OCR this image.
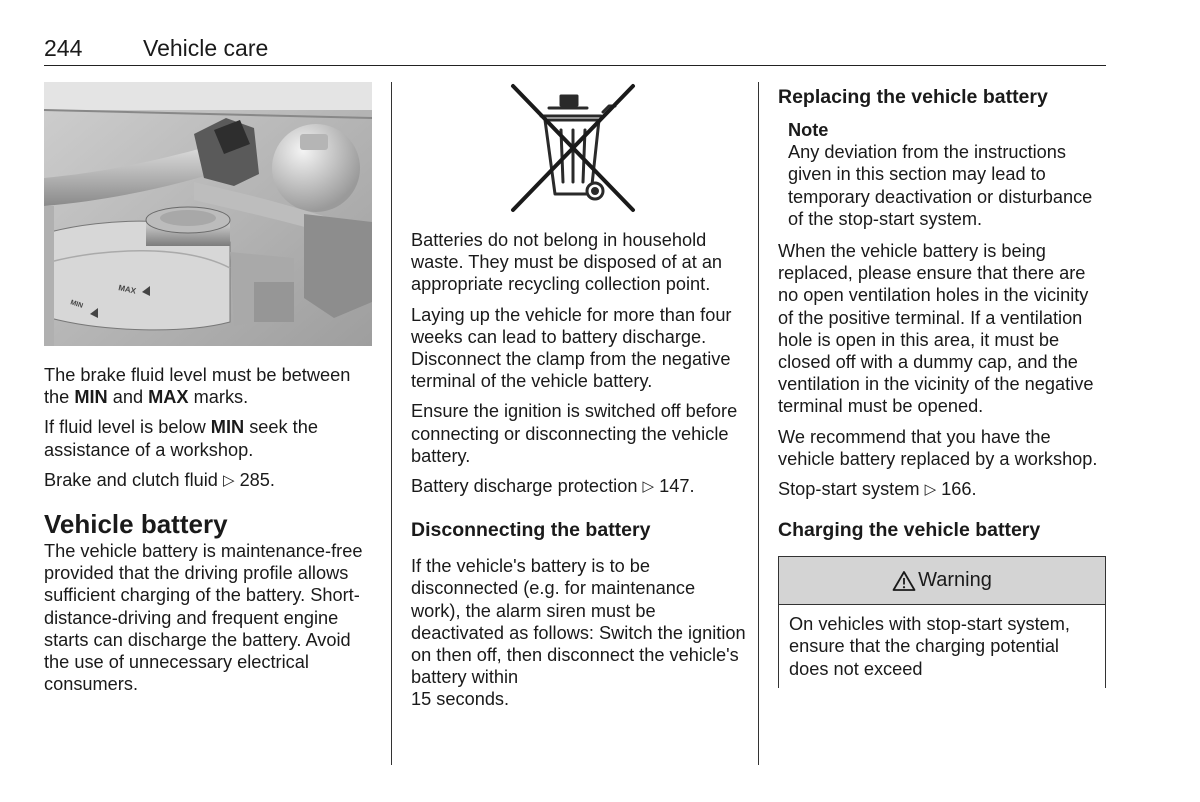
244	Vehicle care
MAX
MIN

The brake fluid level must be between the MIN and MAX marks.

If fluid level is below MIN seek the assistance of a workshop.

Brake and clutch fluid ▷ 285.

Vehicle battery

The vehicle battery is maintenance-free provided that the driving profile allows sufficient charging of the battery. Short-distance-driving and frequent engine starts can discharge the battery. Avoid the use of unnecessary electrical consumers.

Batteries do not belong in household waste. They must be disposed of at an appropriate recycling collection point.

Laying up the vehicle for more than four weeks can lead to battery discharge. Disconnect the clamp from the negative terminal of the vehicle battery.

Ensure the ignition is switched off before connecting or disconnecting the vehicle battery.

Battery discharge protection ▷ 147.

Disconnecting the battery

If the vehicle's battery is to be disconnected (e.g. for maintenance work), the alarm siren must be deactivated as follows: Switch the ignition on then off, then disconnect the vehicle's battery within
15 seconds.

Replacing the vehicle battery

Note

Any deviation from the instructions given in this section may lead to temporary deactivation or disturbance of the stop-start system.

When the vehicle battery is being replaced, please ensure that there are no open ventilation holes in the vicinity of the positive terminal. If a ventilation hole is open in this area, it must be closed off with a dummy cap, and the ventilation in the vicinity of the negative terminal must be opened.

We recommend that you have the vehicle battery replaced by a workshop.

Stop-start system ▷ 166.

Charging the vehicle battery
Warning

On vehicles with stop-start system, ensure that the charging potential does not exceed
